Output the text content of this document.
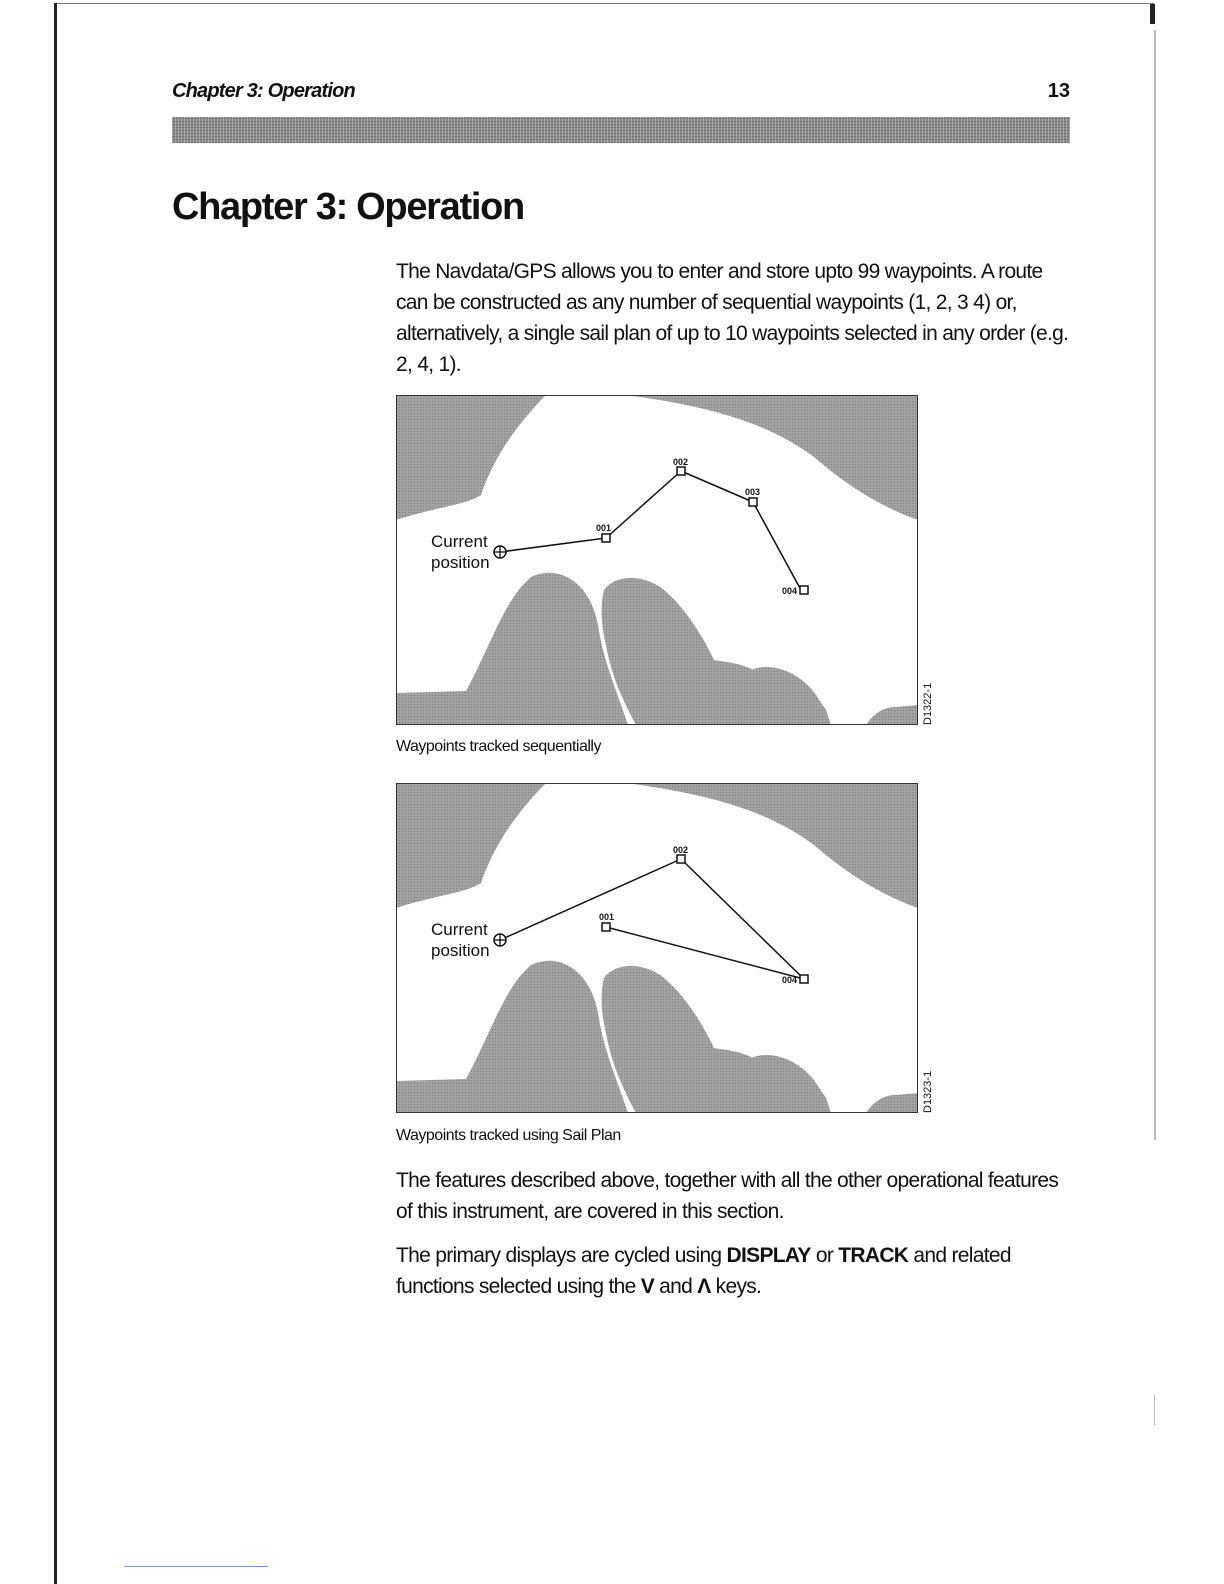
Chapter 3: Operation	13
Chapter 3: Operation

The Navdata/GPS allows you to enter and store upto 99 waypoints. A route can be constructed as any number of sequential waypoints (1, 2, 3 4) or, alternatively, a single sail plan of up to 10 waypoints selected in any order (e.g. 2, 4, 1).

Current
position
001
002
003
004
D1322-1

Waypoints tracked sequentially

Current
position
001
002
004
D1323-1

Waypoints tracked using Sail Plan

The features described above, together with all the other operational features of this instrument, are covered in this section.

The primary displays are cycled using DISPLAY or TRACK and related functions selected using the V and Λ keys.
